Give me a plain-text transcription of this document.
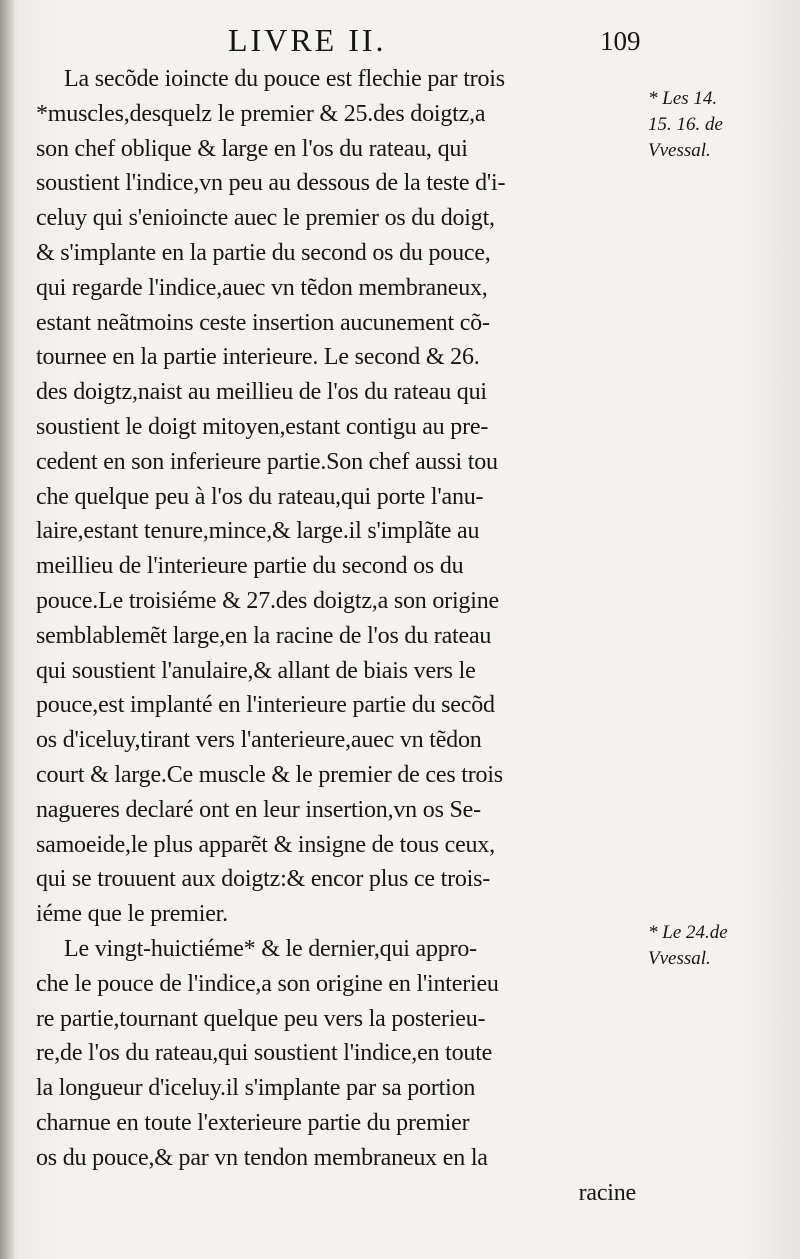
LIVRE II.	109
La secõde ioincte du pouce est flechie par trois
*muscles,desquelz le premier & 25.des doigtz,a
son chef oblique & large en l'os du rateau, qui
soustient l'indice,vn peu au dessous de la teste d'i-
celuy qui s'enioincte auec le premier os du doigt,
& s'implante en la partie du second os du pouce,
qui regarde l'indice,auec vn tẽdon membraneux,
estant neãtmoins ceste insertion aucunement cõ-
tournee en la partie interieure. Le second & 26.
des doigtz,naist au meillieu de l'os du rateau qui
soustient le doigt mitoyen,estant contigu au pre-
cedent en son inferieure partie.Son chef aussi tou
che quelque peu à l'os du rateau,qui porte l'anu-
laire,estant tenure,mince,& large.il s'implãte au
meillieu de l'interieure partie du second os du
pouce.Le troisiéme & 27.des doigtz,a son origine
semblablemẽt large,en la racine de l'os du rateau
qui soustient l'anulaire,& allant de biais vers le
pouce,est implanté en l'interieure partie du secõd
os d'iceluy,tirant vers l'anterieure,auec vn tẽdon
court & large.Ce muscle & le premier de ces trois
nagueres declaré ont en leur insertion,vn os Se-
samoeide,le plus apparẽt & insigne de tous ceux,
qui se trouuent aux doigtz:& encor plus ce trois-
iéme que le premier.
Le vingt-huictiéme* & le dernier,qui appro-
che le pouce de l'indice,a son origine en l'interieu
re partie,tournant quelque peu vers la posterieu-
re,de l'os du rateau,qui soustient l'indice,en toute
la longueur d'iceluy.il s'implante par sa portion
charnue en toute l'exterieure partie du premier
os du pouce,& par vn tendon membraneux en la
racine
* Les 14.
15. 16. de
Vvessal.
* Le 24.de
Vvessal.
